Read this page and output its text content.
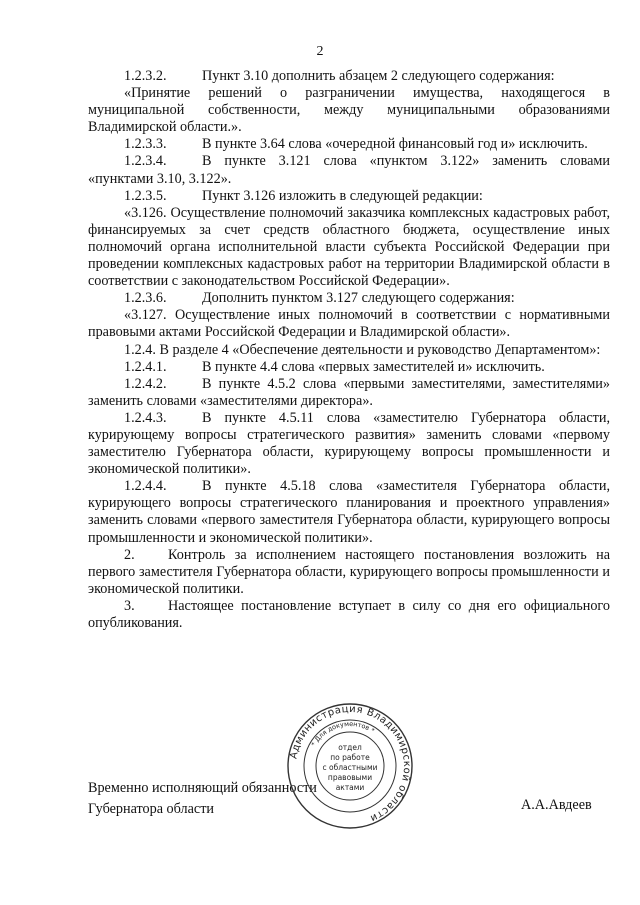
2

1.2.3.2. Пункт 3.10 дополнить абзацем 2 следующего содержания:

«Принятие решений о разграничении имущества, находящегося в муниципальной собственности, между муниципальными образованиями Владимирской области.».

1.2.3.3. В пункте 3.64 слова «очередной финансовый год и» исключить.

1.2.3.4. В пункте 3.121 слова «пунктом 3.122» заменить словами «пунктами 3.10, 3.122».

1.2.3.5. Пункт 3.126 изложить в следующей редакции:

«3.126. Осуществление полномочий заказчика комплексных кадастровых работ, финансируемых за счет средств областного бюджета, осуществление иных полномочий органа исполнительной власти субъекта Российской Федерации при проведении комплексных кадастровых работ на территории Владимирской области в соответствии с законодательством Российской Федерации».

1.2.3.6. Дополнить пунктом 3.127 следующего содержания:

«3.127. Осуществление иных полномочий в соответствии с нормативными правовыми актами Российской Федерации и Владимирской области».

1.2.4. В разделе 4 «Обеспечение деятельности и руководство Департаментом»:

1.2.4.1. В пункте 4.4 слова «первых заместителей и» исключить.

1.2.4.2. В пункте 4.5.2 слова «первыми заместителями, заместителями» заменить словами «заместителями директора».

1.2.4.3. В пункте 4.5.11 слова «заместителю Губернатора области, курирующему вопросы стратегического развития» заменить словами «первому заместителю Губернатора области, курирующему вопросы промышленности и экономической политики».

1.2.4.4. В пункте 4.5.18 слова «заместителя Губернатора области, курирующего вопросы стратегического планирования и проектного управления» заменить словами «первого заместителя Губернатора области, курирующего вопросы промышленности и экономической политики».

2. Контроль за исполнением настоящего постановления возложить на первого заместителя Губернатора области, курирующего вопросы промышленности и экономической политики.

3. Настоящее постановление вступает в силу со дня его официального опубликования.

Временно исполняющий обязанности
Губернатора области	А.А.Авдеев
Администрация Владимирской области
* Для документов *
отдел
по работе
с областными
правовыми
актами
